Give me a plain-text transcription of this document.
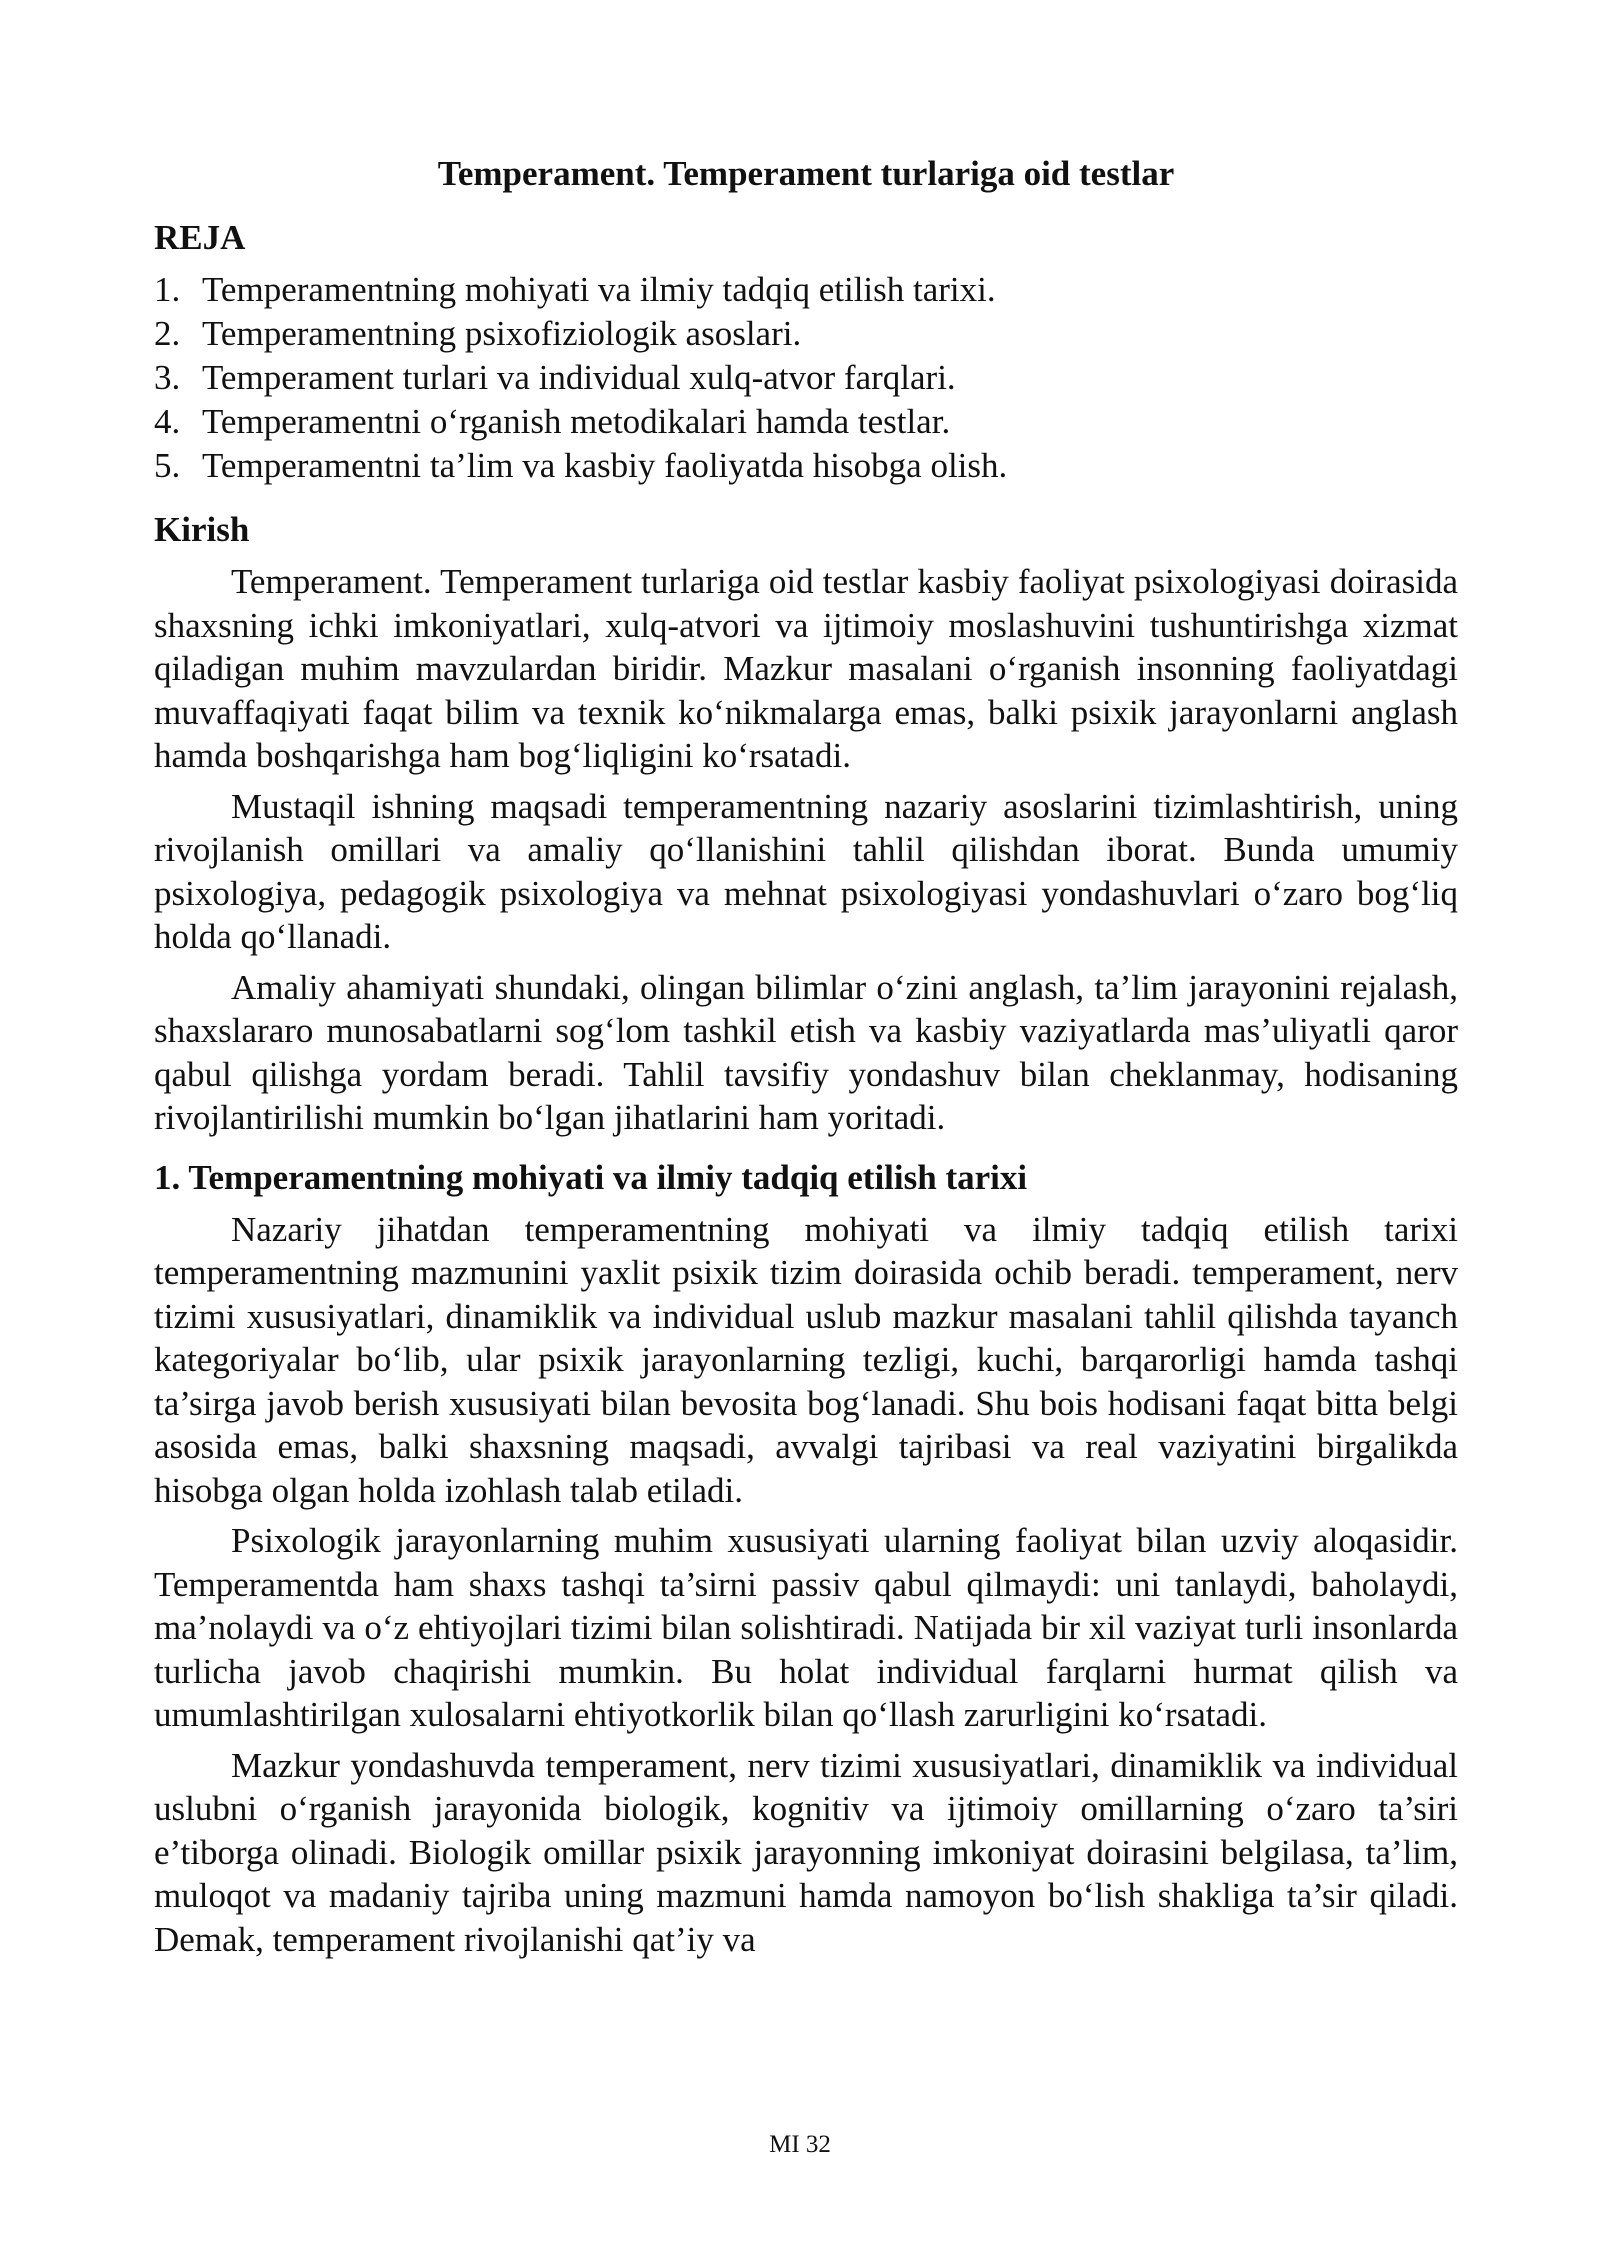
Temperament. Temperament turlariga oid testlar
REJA
1. Temperamentning mohiyati va ilmiy tadqiq etilish tarixi.
2. Temperamentning psixofiziologik asoslari.
3. Temperament turlari va individual xulq-atvor farqlari.
4. Temperamentni o‘rganish metodikalari hamda testlar.
5. Temperamentni ta’lim va kasbiy faoliyatda hisobga olish.
Kirish

Temperament. Temperament turlariga oid testlar kasbiy faoliyat psixologiyasi doirasida shaxsning ichki imkoniyatlari, xulq-atvori va ijtimoiy moslashuvini tushuntirishga xizmat qiladigan muhim mavzulardan biridir. Mazkur masalani o‘rganish insonning faoliyatdagi muvaffaqiyati faqat bilim va texnik ko‘nikmalarga emas, balki psixik jarayonlarni anglash hamda boshqarishga ham bog‘liqligini ko‘rsatadi.

Mustaqil ishning maqsadi temperamentning nazariy asoslarini tizimlashtirish, uning rivojlanish omillari va amaliy qo‘llanishini tahlil qilishdan iborat. Bunda umumiy psixologiya, pedagogik psixologiya va mehnat psixologiyasi yondashuvlari o‘zaro bog‘liq holda qo‘llanadi.

Amaliy ahamiyati shundaki, olingan bilimlar o‘zini anglash, ta’lim jarayonini rejalash, shaxslararo munosabatlarni sog‘lom tashkil etish va kasbiy vaziyatlarda mas’uliyatli qaror qabul qilishga yordam beradi. Tahlil tavsifiy yondashuv bilan cheklanmay, hodisaning rivojlantirilishi mumkin bo‘lgan jihatlarini ham yoritadi.

1. Temperamentning mohiyati va ilmiy tadqiq etilish tarixi

Nazariy jihatdan temperamentning mohiyati va ilmiy tadqiq etilish tarixi temperamentning mazmunini yaxlit psixik tizim doirasida ochib beradi. temperament, nerv tizimi xususiyatlari, dinamiklik va individual uslub mazkur masalani tahlil qilishda tayanch kategoriyalar bo‘lib, ular psixik jarayonlarning tezligi, kuchi, barqarorligi hamda tashqi ta’sirga javob berish xususiyati bilan bevosita bog‘lanadi. Shu bois hodisani faqat bitta belgi asosida emas, balki shaxsning maqsadi, avvalgi tajribasi va real vaziyatini birgalikda hisobga olgan holda izohlash talab etiladi.

Psixologik jarayonlarning muhim xususiyati ularning faoliyat bilan uzviy aloqasidir. Temperamentda ham shaxs tashqi ta’sirni passiv qabul qilmaydi: uni tanlaydi, baholaydi, ma’nolaydi va o‘z ehtiyojlari tizimi bilan solishtiradi. Natijada bir xil vaziyat turli insonlarda turlicha javob chaqirishi mumkin. Bu holat individual farqlarni hurmat qilish va umumlashtirilgan xulosalarni ehtiyotkorlik bilan qo‘llash zarurligini ko‘rsatadi.

Mazkur yondashuvda temperament, nerv tizimi xususiyatlari, dinamiklik va individual uslubni o‘rganish jarayonida biologik, kognitiv va ijtimoiy omillarning o‘zaro ta’siri e’tiborga olinadi. Biologik omillar psixik jarayonning imkoniyat doirasini belgilasa, ta’lim, muloqot va madaniy tajriba uning mazmuni hamda namoyon bo‘lish shakliga ta’sir qiladi. Demak, temperament rivojlanishi qat’iy va

MI 32
